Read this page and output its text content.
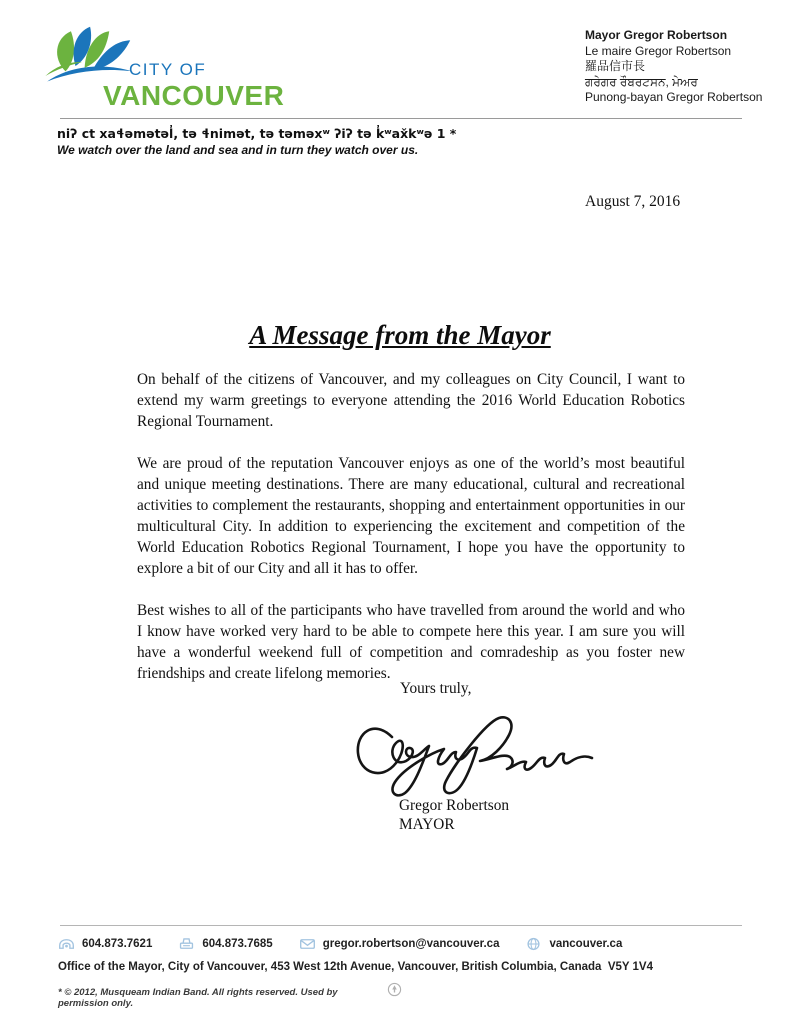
CITY OF
VANCOUVER
Mayor Gregor Robertson
Le maire Gregor Robertson
羅品信市長
ਗਰੇਗਰ ਰੌਬਰਟਸਨ, ਮੇਅਰ
Punong-bayan Gregor Robertson
niʔ ct xaɬəmətəl̓, tə ɬnimət, tə təməxʷ ʔiʔ tə k̓ʷax̌kʷə 1 *
We watch over the land and sea and in turn they watch over us.
August 7, 2016
A Message from the Mayor

On behalf of the citizens of Vancouver, and my colleagues on City Council, I want to extend my warm greetings to everyone attending the 2016 World Education Robotics Regional Tournament.

We are proud of the reputation Vancouver enjoys as one of the world’s most beautiful and unique meeting destinations. There are many educational, cultural and recreational activities to complement the restaurants, shopping and entertainment opportunities in our multicultural City. In addition to experiencing the excitement and competition of the World Education Robotics Regional Tournament, I hope you have the opportunity to explore a bit of our City and all it has to offer.

Best wishes to all of the participants who have travelled from around the world and who I know have worked very hard to be able to compete here this year. I am sure you will have a wonderful weekend full of competition and comradeship as you foster new friendships and create lifelong memories.

Yours truly,
Gregor Robertson
MAYOR
604.873.7621	604.873.7685	gregor.robertson@vancouver.ca	vancouver.ca
Office of the Mayor, City of Vancouver, 453 West 12th Avenue, Vancouver, British Columbia, Canada  V5Y 1V4
* © 2012, Musqueam Indian Band. All rights reserved. Used by permission only.
